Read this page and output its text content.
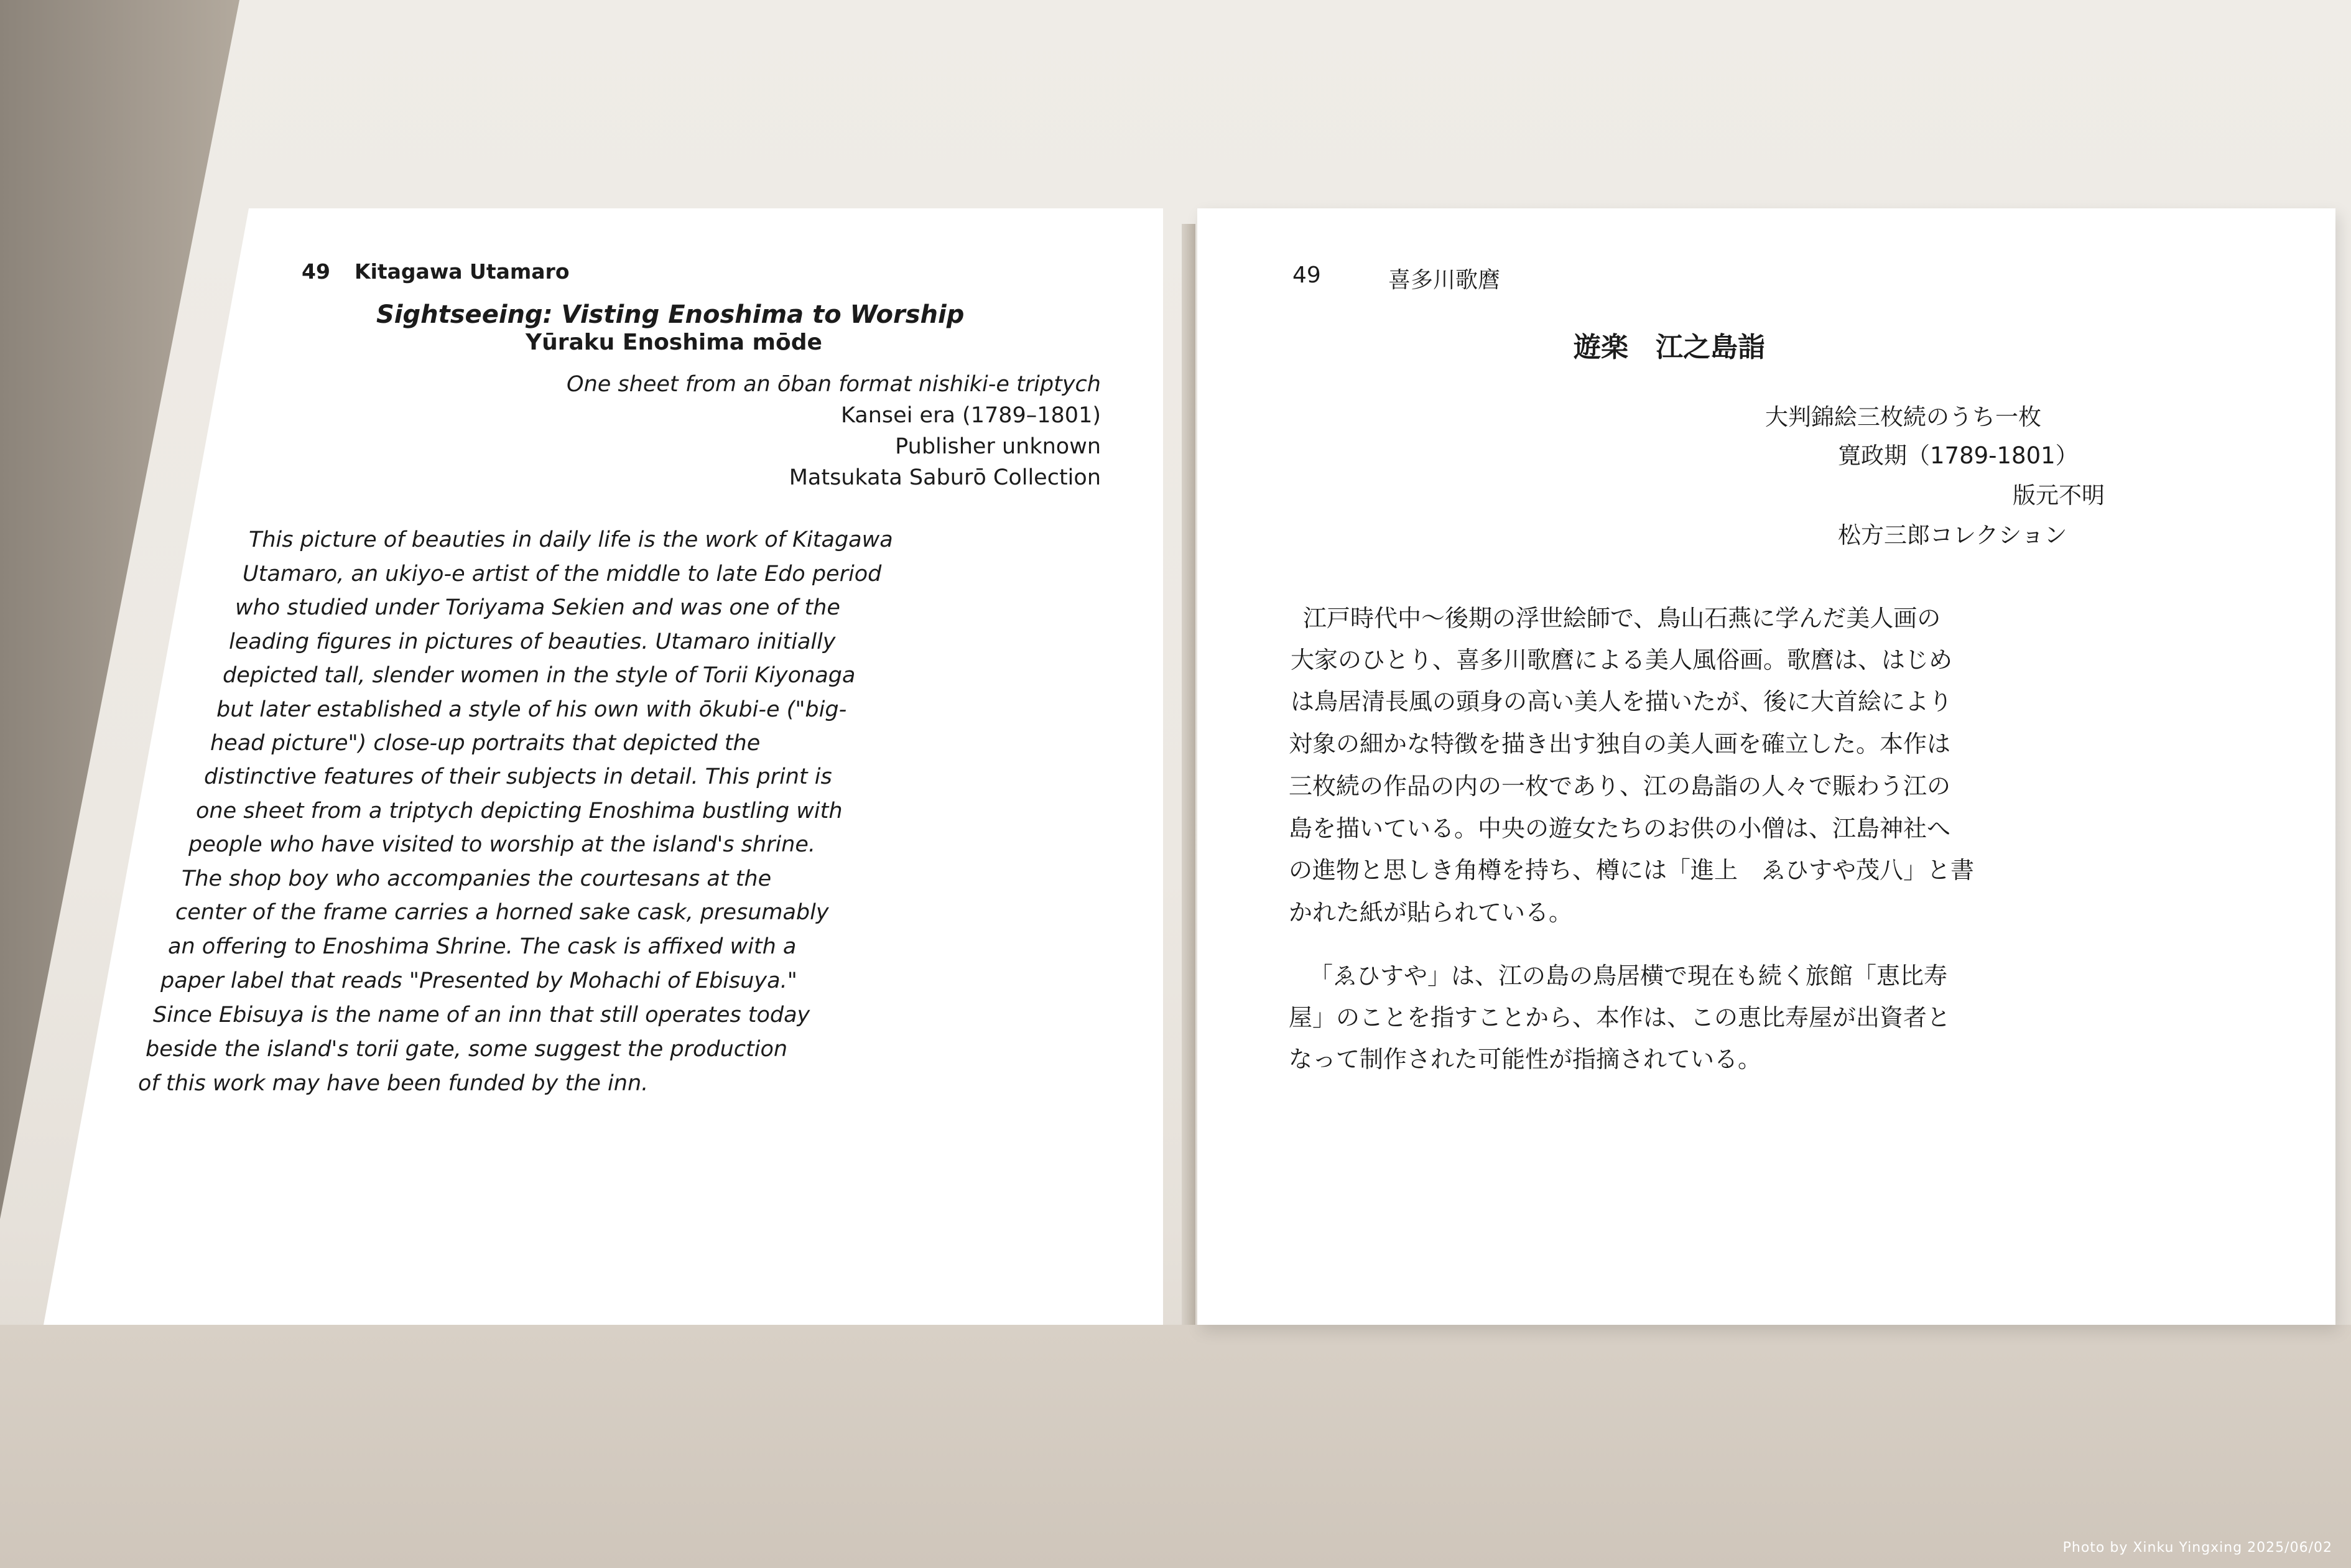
49 Kitagawa Utamaro
Sightseeing: Visting Enoshima to Worship
Yūraku Enoshima mōde
One sheet from an ōban format nishiki-e triptych
Kansei era (1789–1801)
Publisher unknown
Matsukata Saburō Collection
This picture of beauties in daily life is the work of Kitagawa
Utamaro, an ukiyo-e artist of the middle to late Edo period
who studied under Toriyama Sekien and was one of the
leading figures in pictures of beauties. Utamaro initially
depicted tall, slender women in the style of Torii Kiyonaga
but later established a style of his own with ōkubi-e ("big-
head picture") close-up portraits that depicted the
distinctive features of their subjects in detail. This print is
one sheet from a triptych depicting Enoshima bustling with
people who have visited to worship at the island's shrine.
The shop boy who accompanies the courtesans at the
center of the frame carries a horned sake cask, presumably
an offering to Enoshima Shrine. The cask is affixed with a
paper label that reads "Presented by Mohachi of Ebisuya."
Since Ebisuya is the name of an inn that still operates today
beside the island's torii gate, some suggest the production
of this work may have been funded by the inn.
49	喜多川歌麿
遊楽　江之島詣
大判錦絵三枚続のうち一枚
寛政期（1789-1801）
版元不明
松方三郎コレクション
江戸時代中～後期の浮世絵師で、鳥山石燕に学んだ美人画の
大家のひとり、喜多川歌麿による美人風俗画。歌麿は、はじめ
は鳥居清長風の頭身の高い美人を描いたが、後に大首絵により
対象の細かな特徴を描き出す独自の美人画を確立した。本作は
三枚続の作品の内の一枚であり、江の島詣の人々で賑わう江の
島を描いている。中央の遊女たちのお供の小僧は、江島神社へ
の進物と思しき角樽を持ち、樽には「進上　ゑひすや茂八」と書
かれた紙が貼られている。
「ゑひすや」は、江の島の鳥居横で現在も続く旅館「恵比寿
屋」のことを指すことから、本作は、この恵比寿屋が出資者と
なって制作された可能性が指摘されている。
Photo by Xinku Yingxing 2025/06/02
